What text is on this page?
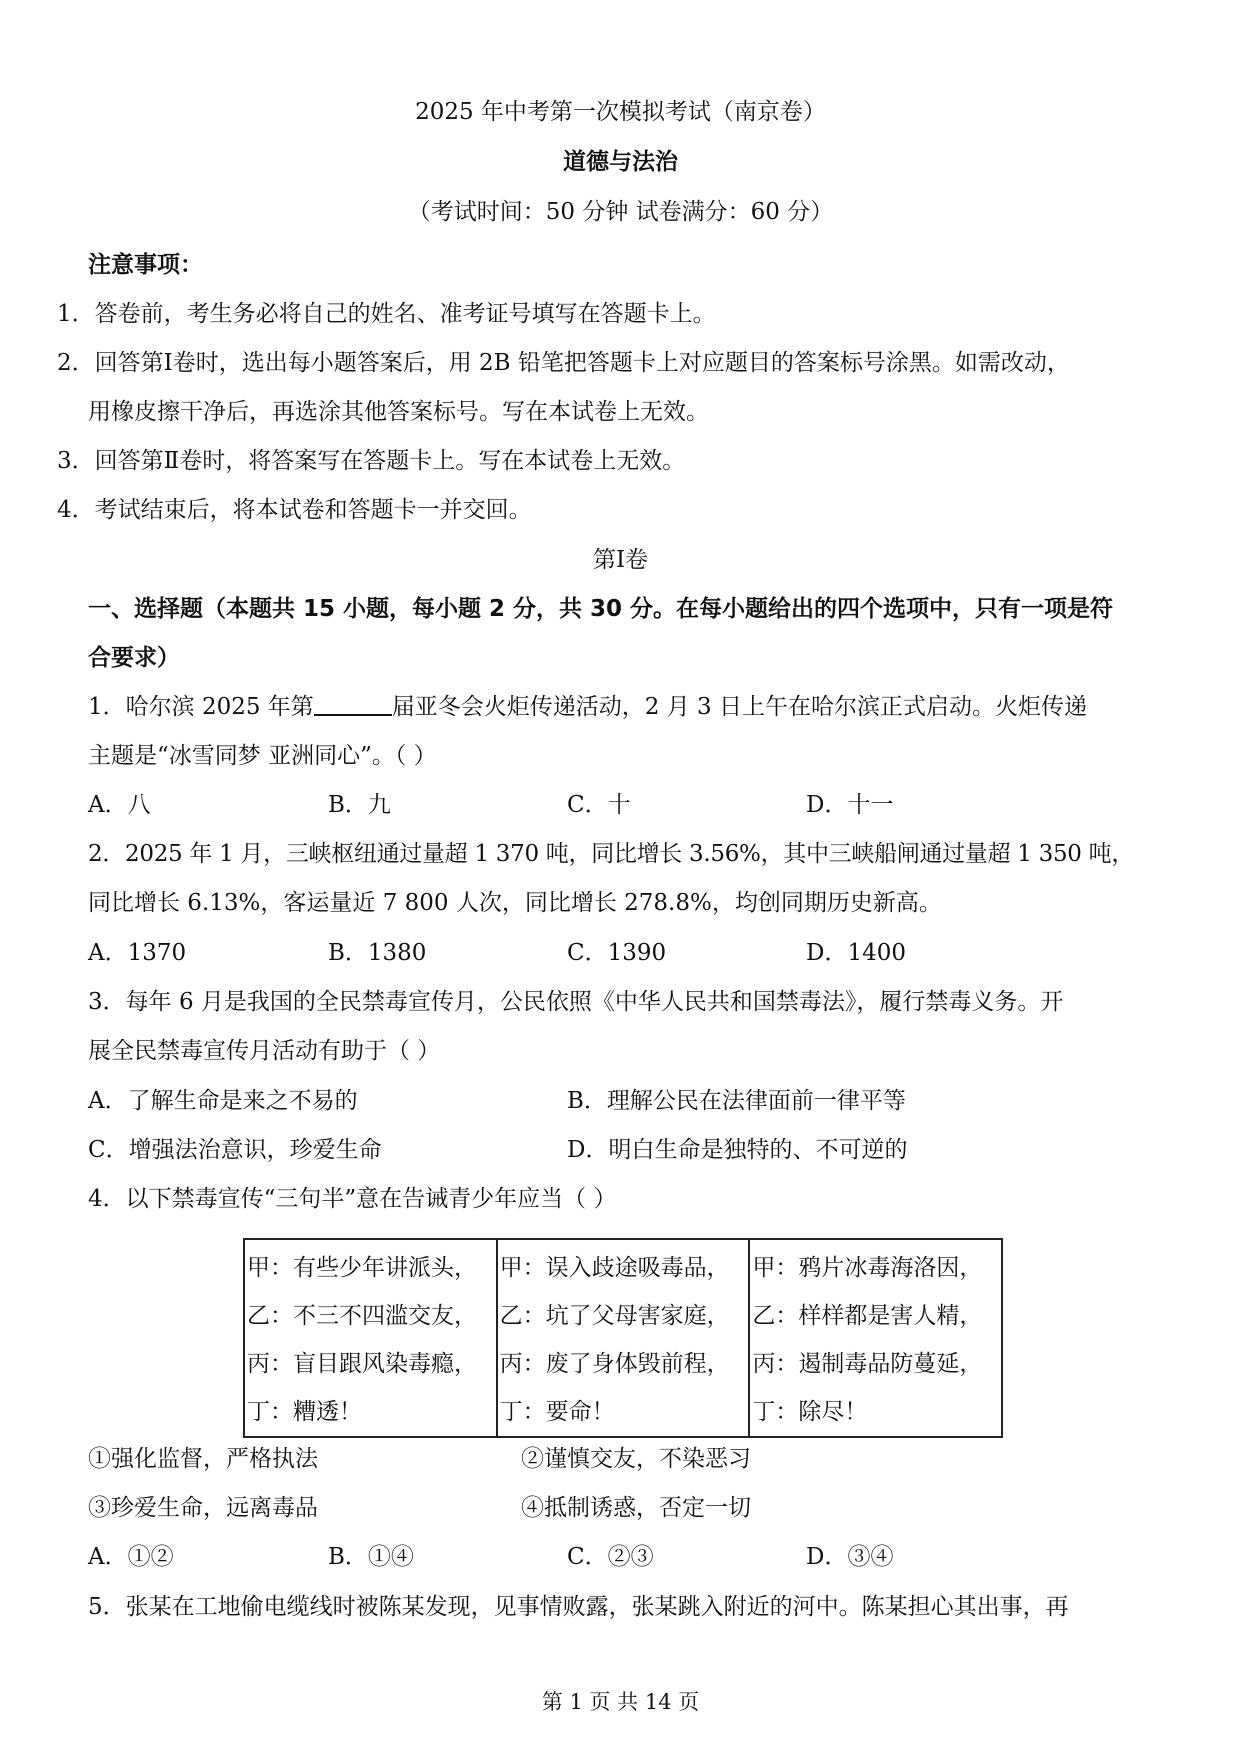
2025 年中考第一次模拟考试（南京卷）
道德与法治
（考试时间：50 分钟 试卷满分：60 分）
注意事项：
1．答卷前，考生务必将自己的姓名、准考证号填写在答题卡上。
2．回答第Ⅰ卷时，选出每小题答案后，用 2B 铅笔把答题卡上对应题目的答案标号涂黑。如需改动，
用橡皮擦干净后，再选涂其他答案标号。写在本试卷上无效。
3．回答第Ⅱ卷时，将答案写在答题卡上。写在本试卷上无效。
4．考试结束后，将本试卷和答题卡一并交回。
第Ⅰ卷
一、选择题（本题共 15 小题，每小题 2 分，共 30 分。在每小题给出的四个选项中，只有一项是符
合要求）
1．哈尔滨 2025 年第	届亚冬会火炬传递活动，2 月 3 日上午在哈尔滨正式启动。火炬传递
主题是“冰雪同梦 亚洲同心”。（ ）
A．八	B．九	C．十	D．十一
2．2025 年 1 月，三峡枢纽通过量超 1 370 吨，同比增长 3.56%，其中三峡船闸通过量超 1 350 吨，
同比增长 6.13%，客运量近 7 800 人次，同比增长 278.8%，均创同期历史新高。
A．1370	B．1380	C．1390	D．1400
3．每年 6 月是我国的全民禁毒宣传月，公民依照《中华人民共和国禁毒法》，履行禁毒义务。开
展全民禁毒宣传月活动有助于（ ）
A．了解生命是来之不易的	B．理解公民在法律面前一律平等
C．增强法治意识，珍爱生命	D．明白生命是独特的、不可逆的
4．以下禁毒宣传“三句半”意在告诫青少年应当（ ）
甲：有些少年讲派头，
乙：不三不四滥交友，
丙：盲目跟风染毒瘾，
丁：糟透！
甲：误入歧途吸毒品，
乙：坑了父母害家庭，
丙：废了身体毁前程，
丁：要命！
甲：鸦片冰毒海洛因，
乙：样样都是害人精，
丙：遏制毒品防蔓延，
丁：除尽！
①强化监督，严格执法	②谨慎交友，不染恶习
③珍爱生命，远离毒品	④抵制诱惑，否定一切
A．①②	B．①④	C．②③	D．③④
5．张某在工地偷电缆线时被陈某发现，见事情败露，张某跳入附近的河中。陈某担心其出事，再
第 1 页 共 14 页
